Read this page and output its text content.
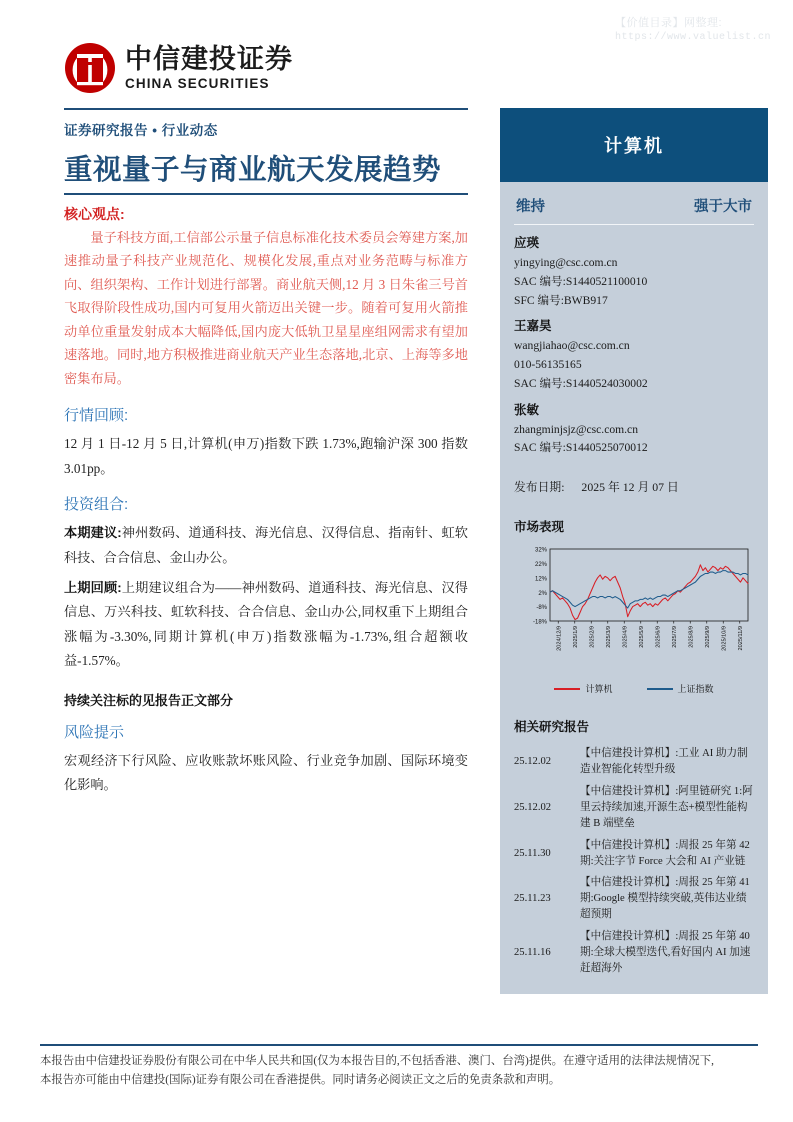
【价值目录】网整理:
https://www.valuelist.cn
中信建投证券
CHINA SECURITIES
证券研究报告 • 行业动态
重视量子与商业航天发展趋势
核心观点:

量子科技方面,工信部公示量子信息标准化技术委员会筹建方案,加速推动量子科技产业规范化、规模化发展,重点对业务范畴与标准方向、组织架构、工作计划进行部署。商业航天侧,12 月 3 日朱雀三号首飞取得阶段性成功,国内可复用火箭迈出关键一步。随着可复用火箭推动单位重量发射成本大幅降低,国内庞大低轨卫星星座组网需求有望加速落地。同时,地方积极推进商业航天产业生态落地,北京、上海等多地密集布局。

行情回顾:

12 月 1 日-12 月 5 日,计算机(申万)指数下跌 1.73%,跑输沪深 300 指数 3.01pp。

投资组合:

本期建议:神州数码、道通科技、海光信息、汉得信息、指南针、虹软科技、合合信息、金山办公。

上期回顾:上期建议组合为——神州数码、道通科技、海光信息、汉得信息、万兴科技、虹软科技、合合信息、金山办公,同权重下上期组合涨幅为-3.30%,同期计算机(申万)指数涨幅为-1.73%,组合超额收益-1.57%。

持续关注标的见报告正文部分
风险提示

宏观经济下行风险、应收账款坏账风险、行业竞争加剧、国际环境变化影响。

计算机
维持	强于大市
应瑛
yingying@csc.com.cn
SAC 编号:S1440521100010
SFC 编号:BWB917
王嘉昊
wangjiahao@csc.com.cn
010-56135165
SAC 编号:S1440524030002
张敏
zhangminjsjz@csc.com.cn
SAC 编号:S1440525070012
发布日期: 2025 年 12 月 07 日
市场表现
32%
22%
12%
2%
-8%
-18%
2024/12/9 2025/1/9 2025/2/9 2025/3/9 2025/4/9 2025/5/9 2025/6/9 2025/7/9 2025/8/9 2025/9/9 2025/10/9 2025/11/9
计算机	上证指数
相关研究报告
25.12.02	【中信建投计算机】:工业 AI 助力制造业智能化转型升级
25.12.02	【中信建投计算机】:阿里链研究 1:阿里云持续加速,开源生态+模型性能构建 B 端壁垒
25.11.30	【中信建投计算机】:周报 25 年第 42 期:关注字节 Force 大会和 AI 产业链
25.11.23	【中信建投计算机】:周报 25 年第 41 期:Google 模型持续突破,英伟达业绩超预期
25.11.16	【中信建投计算机】:周报 25 年第 40 期:全球大模型迭代,看好国内 AI 加速赶超海外
本报告由中信建投证券股份有限公司在中华人民共和国(仅为本报告目的,不包括香港、澳门、台湾)提供。在遵守适用的法律法规情况下,
本报告亦可能由中信建投(国际)证券有限公司在香港提供。同时请务必阅读正文之后的免责条款和声明。
